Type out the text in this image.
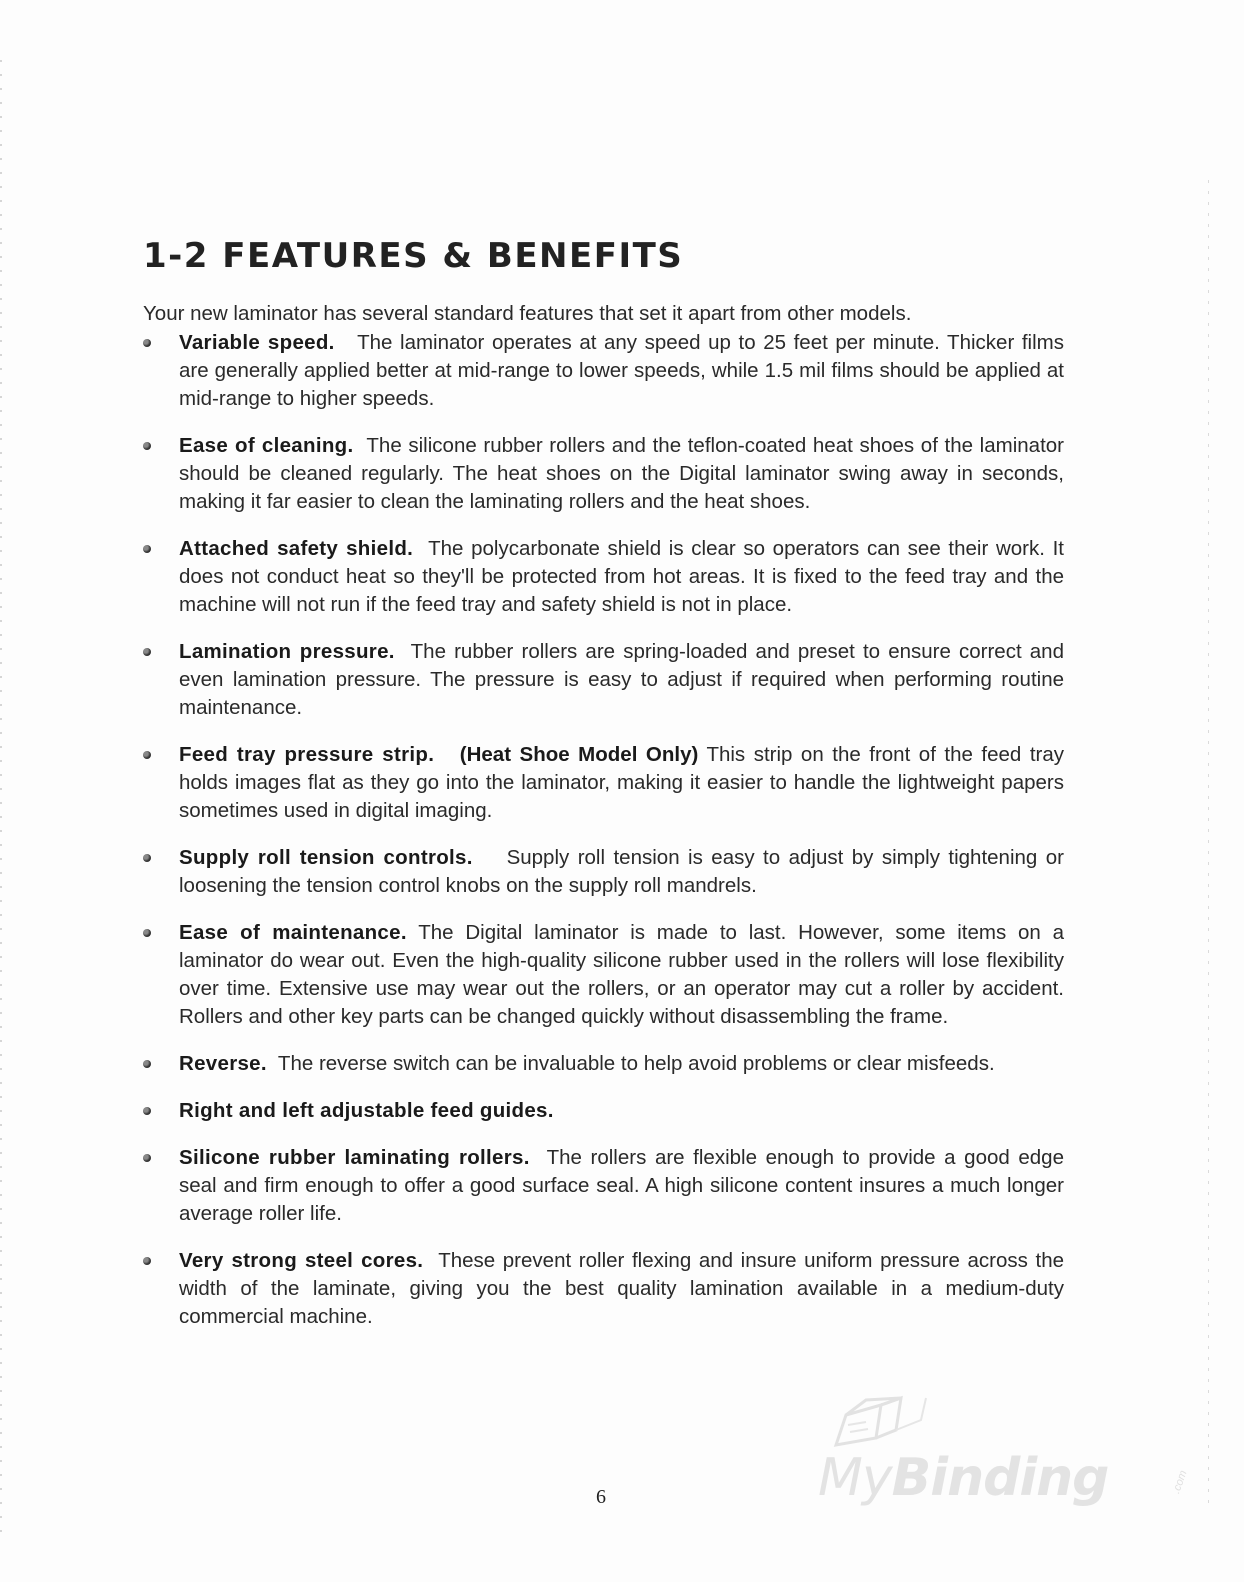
1-2 FEATURES & BENEFITS

Your new laminator has several standard features that set it apart from other models.

Variable speed. The laminator operates at any speed up to 25 feet per minute. Thicker films are generally applied better at mid-range to lower speeds, while 1.5 mil films should be applied at mid-range to higher speeds.
Ease of cleaning. The silicone rubber rollers and the teflon-coated heat shoes of the laminator should be cleaned regularly. The heat shoes on the Digital laminator swing away in seconds, making it far easier to clean the laminating rollers and the heat shoes.
Attached safety shield. The polycarbonate shield is clear so operators can see their work. It does not conduct heat so they'll be protected from hot areas. It is fixed to the feed tray and the machine will not run if the feed tray and safety shield is not in place.
Lamination pressure. The rubber rollers are spring-loaded and preset to ensure correct and even lamination pressure. The pressure is easy to adjust if required when performing routine maintenance.
Feed tray pressure strip. (Heat Shoe Model Only) This strip on the front of the feed tray holds images flat as they go into the laminator, making it easier to handle the lightweight papers sometimes used in digital imaging.
Supply roll tension controls. Supply roll tension is easy to adjust by simply tightening or loosening the tension control knobs on the supply roll mandrels.
Ease of maintenance. The Digital laminator is made to last. However, some items on a laminator do wear out. Even the high-quality silicone rubber used in the rollers will lose flexibility over time. Extensive use may wear out the rollers, or an operator may cut a roller by accident. Rollers and other key parts can be changed quickly without disassembling the frame.
Reverse. The reverse switch can be invaluable to help avoid problems or clear misfeeds.
Right and left adjustable feed guides.
Silicone rubber laminating rollers. The rollers are flexible enough to provide a good edge seal and firm enough to offer a good surface seal. A high silicone content insures a much longer average roller life.
Very strong steel cores. These prevent roller flexing and insure uniform pressure across the width of the laminate, giving you the best quality lamination available in a medium-duty commercial machine.
6	MyBinding	.com
